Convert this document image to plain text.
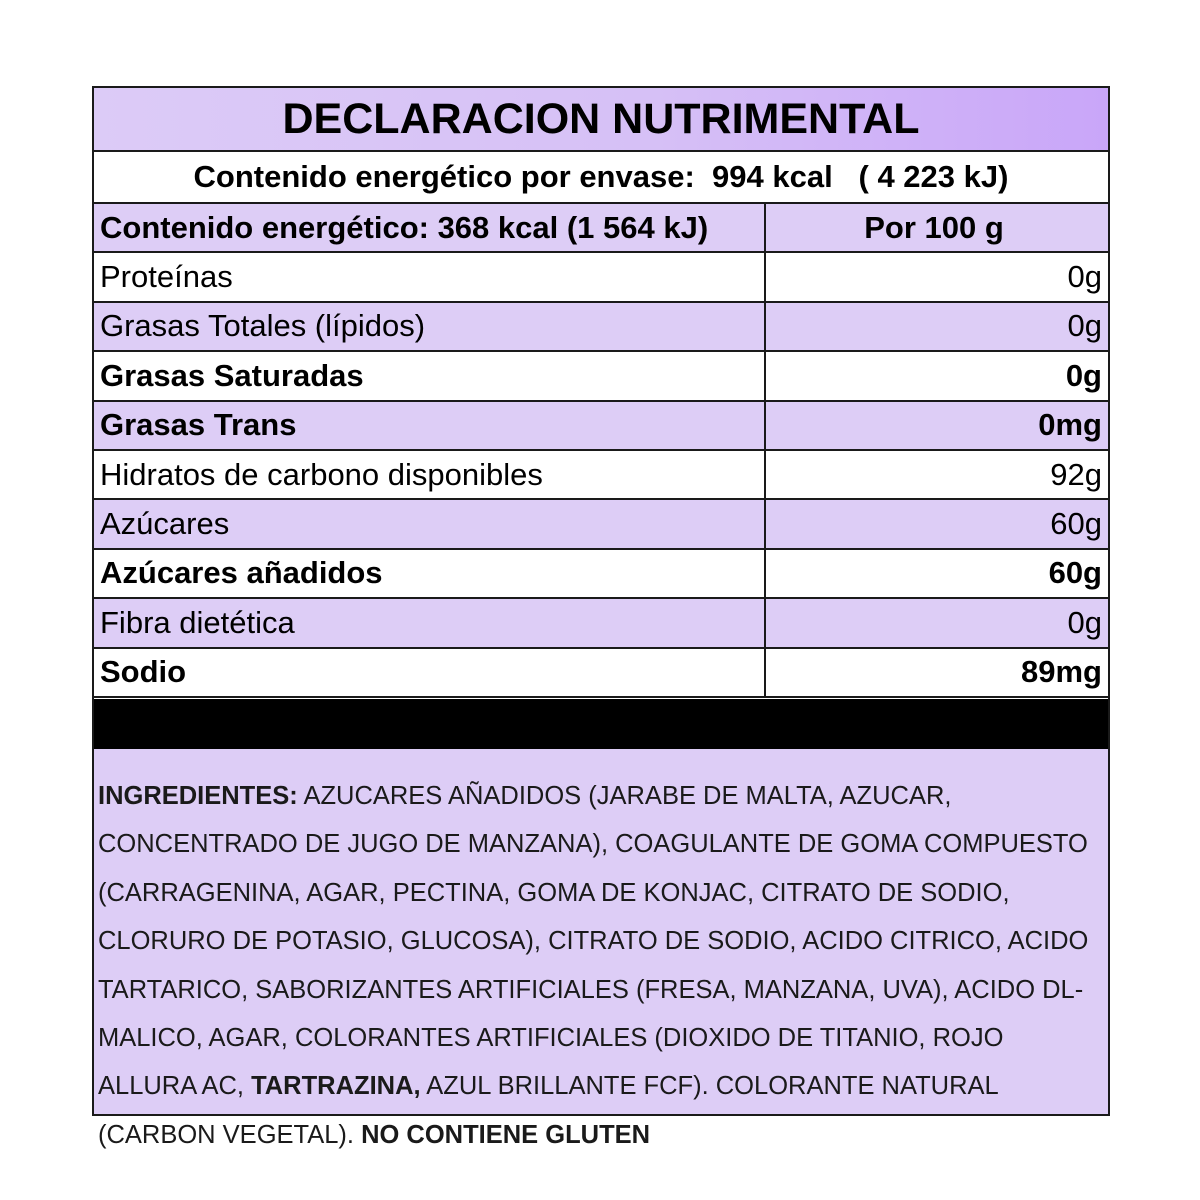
DECLARACION NUTRIMENTAL
Contenido energético por envase:  994 kcal   ( 4 223 kJ)
Contenido energético: 368 kcal (1 564 kJ)	Por 100 g
Proteínas	0g
Grasas Totales (lípidos)	0g
Grasas Saturadas	0g
Grasas Trans	0mg
Hidratos de carbono disponibles	92g
Azúcares	60g
Azúcares añadidos	60g
Fibra dietética	0g
Sodio	89mg
INGREDIENTES: AZUCARES AÑADIDOS (JARABE DE MALTA, AZUCAR, CONCENTRADO DE JUGO DE MANZANA), COAGULANTE DE GOMA COMPUESTO (CARRAGENINA, AGAR, PECTINA, GOMA DE KONJAC, CITRATO DE SODIO, CLORURO DE POTASIO, GLUCOSA), CITRATO DE SODIO, ACIDO CITRICO, ACIDO TARTARICO, SABORIZANTES ARTIFICIALES (FRESA, MANZANA, UVA), ACIDO DL-MALICO, AGAR, COLORANTES ARTIFICIALES (DIOXIDO DE TITANIO, ROJO ALLURA AC, TARTRAZINA, AZUL BRILLANTE FCF). COLORANTE NATURAL (CARBON VEGETAL). NO CONTIENE GLUTEN
